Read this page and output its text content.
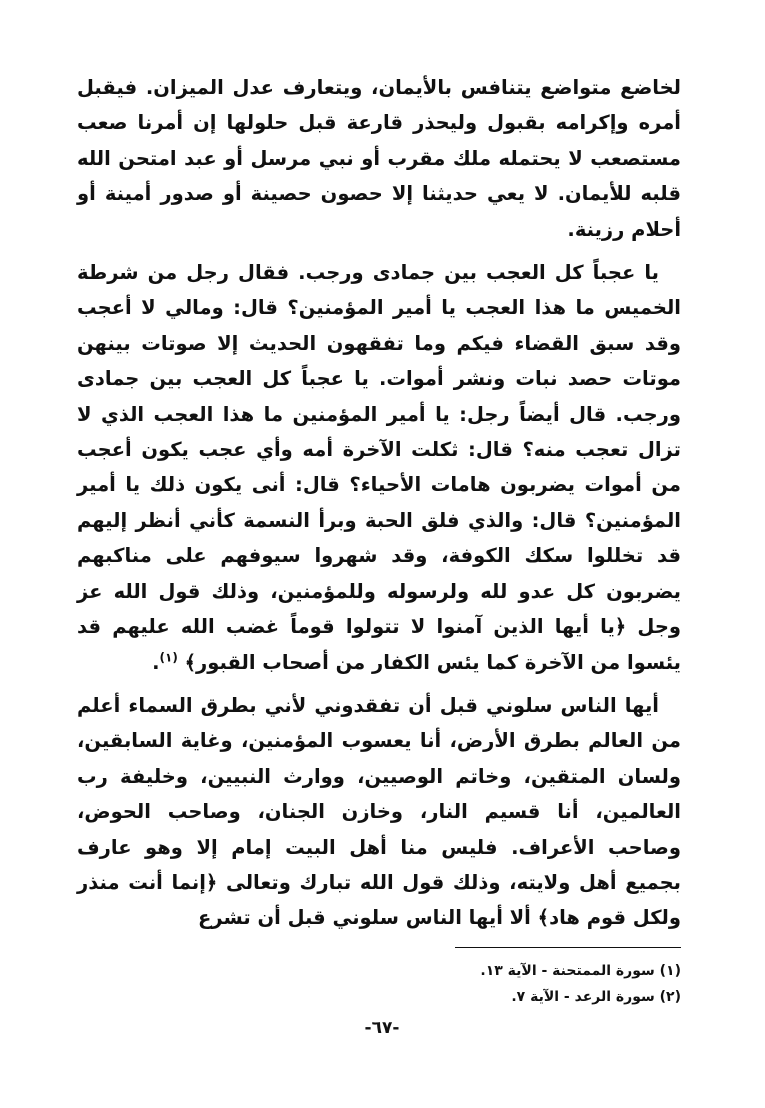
لخاضع متواضع يتنافس بالأيمان، ويتعارف عدل الميزان. فيقبل أمره وإكرامه بقبول وليحذر قارعة قبل حلولها إن أمرنا صعب مستصعب لا يحتمله ملك مقرب أو نبي مرسل أو عبد امتحن الله قلبه للأيمان. لا يعي حديثنا إلا حصون حصينة أو صدور أمينة أو أحلام رزينة.

يا عجباً كل العجب بين جمادى ورجب. فقال رجل من شرطة الخميس ما هذا العجب يا أمير المؤمنين؟ قال: ومالي لا أعجب وقد سبق القضاء فيكم وما تفقهون الحديث إلا صوتات بينهن موتات حصد نبات ونشر أموات. يا عجباً كل العجب بين جمادى ورجب. قال أيضاً رجل: يا أمير المؤمنين ما هذا العجب الذي لا تزال تعجب منه؟ قال: ثكلت الآخرة أمه وأي عجب يكون أعجب من أموات يضربون هامات الأحياء؟ قال: أنى يكون ذلك يا أمير المؤمنين؟ قال: والذي فلق الحبة وبرأ النسمة كأني أنظر إليهم قد تخللوا سكك الكوفة، وقد شهروا سيوفهم على مناكبهم يضربون كل عدو لله ولرسوله وللمؤمنين، وذلك قول الله عز وجل ﴿يا أيها الذين آمنوا لا تتولوا قوماً غضب الله عليهم قد يئسوا من الآخرة كما يئس الكفار من أصحاب القبور﴾ $^{(١)}$.

أيها الناس سلوني قبل أن تفقدوني لأني بطرق السماء أعلم من العالم بطرق الأرض، أنا يعسوب المؤمنين، وغاية السابقين، ولسان المتقين، وخاتم الوصيين، ووارث النبيين، وخليفة رب العالمين، أنا قسيم النار، وخازن الجنان، وصاحب الحوض، وصاحب الأعراف. فليس منا أهل البيت إمام إلا وهو عارف بجميع أهل ولايته، وذلك قول الله تبارك وتعالى ﴿إنما أنت منذر ولكل قوم هاد﴾ ألا أيها الناس سلوني قبل أن تشرع

(١) سورة الممتحنة - الآية ١٣.
(٢) سورة الرعد - الآية ٧.
-٦٧-
